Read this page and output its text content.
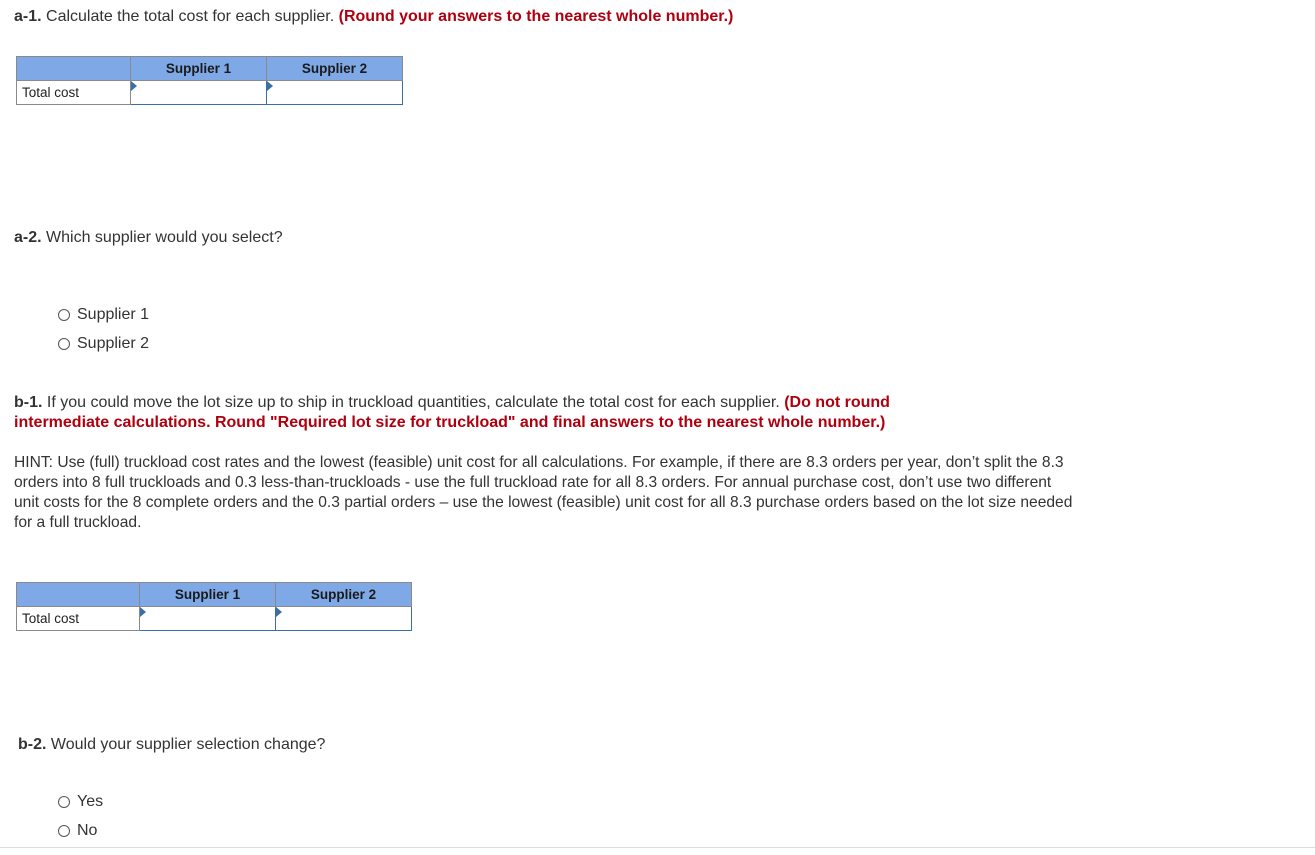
a-1. Calculate the total cost for each supplier. (Round your answers to the nearest whole number.)

	Supplier 1	Supplier 2
Total cost	

a-2. Which supplier would you select?

Supplier 1
Supplier 2

b-1. If you could move the lot size up to ship in truckload quantities, calculate the total cost for each supplier. (Do not round

intermediate calculations. Round "Required lot size for truckload" and final answers to the nearest whole number.)

HINT: Use (full) truckload cost rates and the lowest (feasible) unit cost for all calculations. For example, if there are 8.3 orders per year, don’t split the 8.3 orders into 8 full truckloads and 0.3 less-than-truckloads - use the full truckload rate for all 8.3 orders. For annual purchase cost, don’t use two different unit costs for the 8 complete orders and the 0.3 partial orders – use the lowest (feasible) unit cost for all 8.3 purchase orders based on the lot size needed for a full truckload.

	Supplier 1	Supplier 2
Total cost	

b-2. Would your supplier selection change?

Yes
No
